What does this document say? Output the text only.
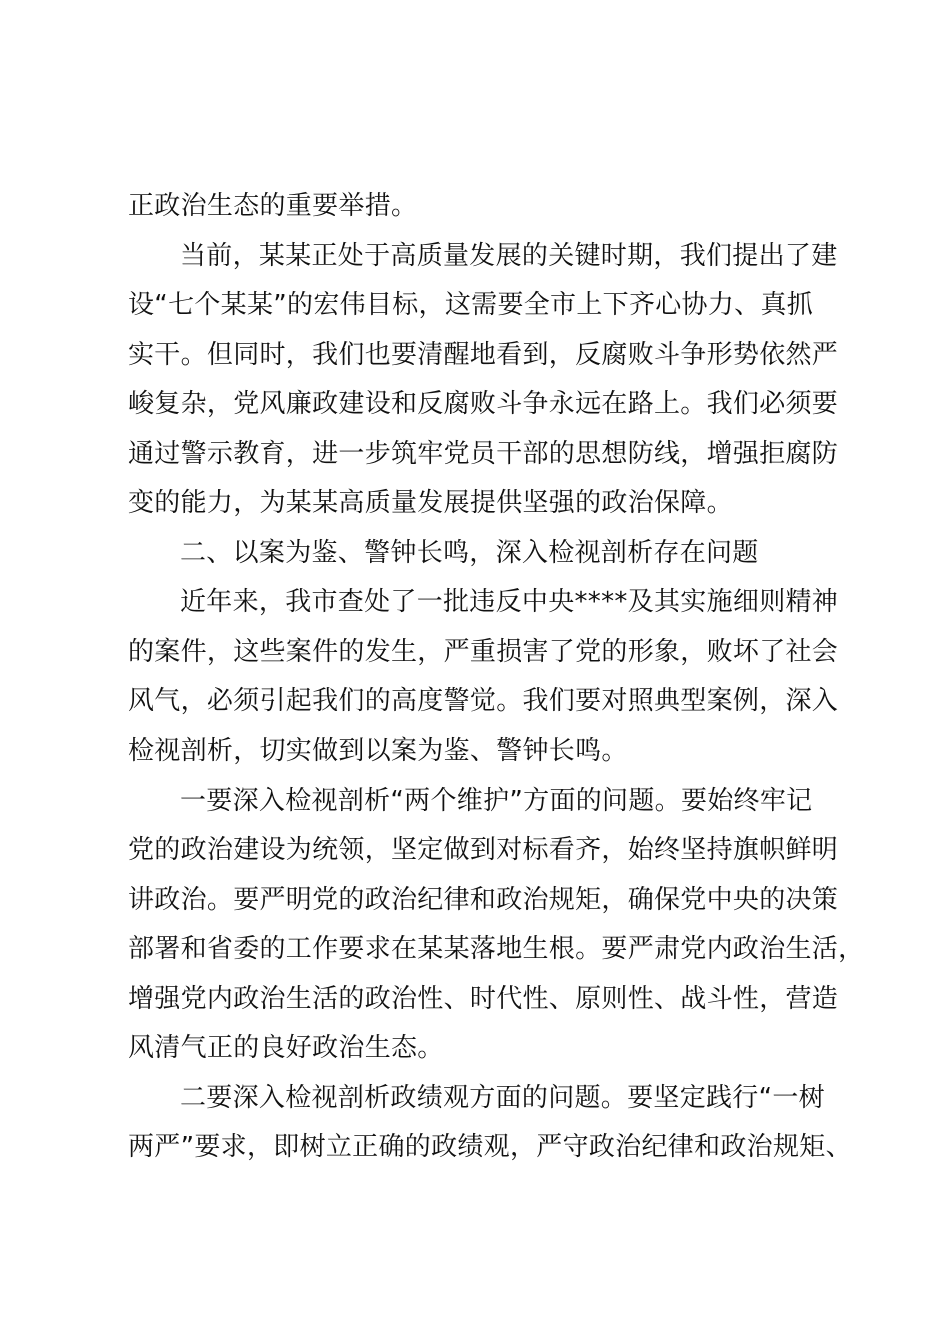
正政治生态的重要举措。
当前，某某正处于高质量发展的关键时期，我们提出了建
设“七个某某”的宏伟目标，这需要全市上下齐心协力、真抓
实干。但同时，我们也要清醒地看到，反腐败斗争形势依然严
峻复杂，党风廉政建设和反腐败斗争永远在路上。我们必须要
通过警示教育，进一步筑牢党员干部的思想防线，增强拒腐防
变的能力，为某某高质量发展提供坚强的政治保障。
二、以案为鉴、警钟长鸣，深入检视剖析存在问题
近年来，我市查处了一批违反中央****及其实施细则精神
的案件，这些案件的发生，严重损害了党的形象，败坏了社会
风气，必须引起我们的高度警觉。我们要对照典型案例，深入
检视剖析，切实做到以案为鉴、警钟长鸣。
一要深入检视剖析“两个维护”方面的问题。要始终牢记
党的政治建设为统领，坚定做到对标看齐，始终坚持旗帜鲜明
讲政治。要严明党的政治纪律和政治规矩，确保党中央的决策
部署和省委的工作要求在某某落地生根。要严肃党内政治生活，
增强党内政治生活的政治性、时代性、原则性、战斗性，营造
风清气正的良好政治生态。
二要深入检视剖析政绩观方面的问题。要坚定践行“一树
两严”要求，即树立正确的政绩观，严守政治纪律和政治规矩、
